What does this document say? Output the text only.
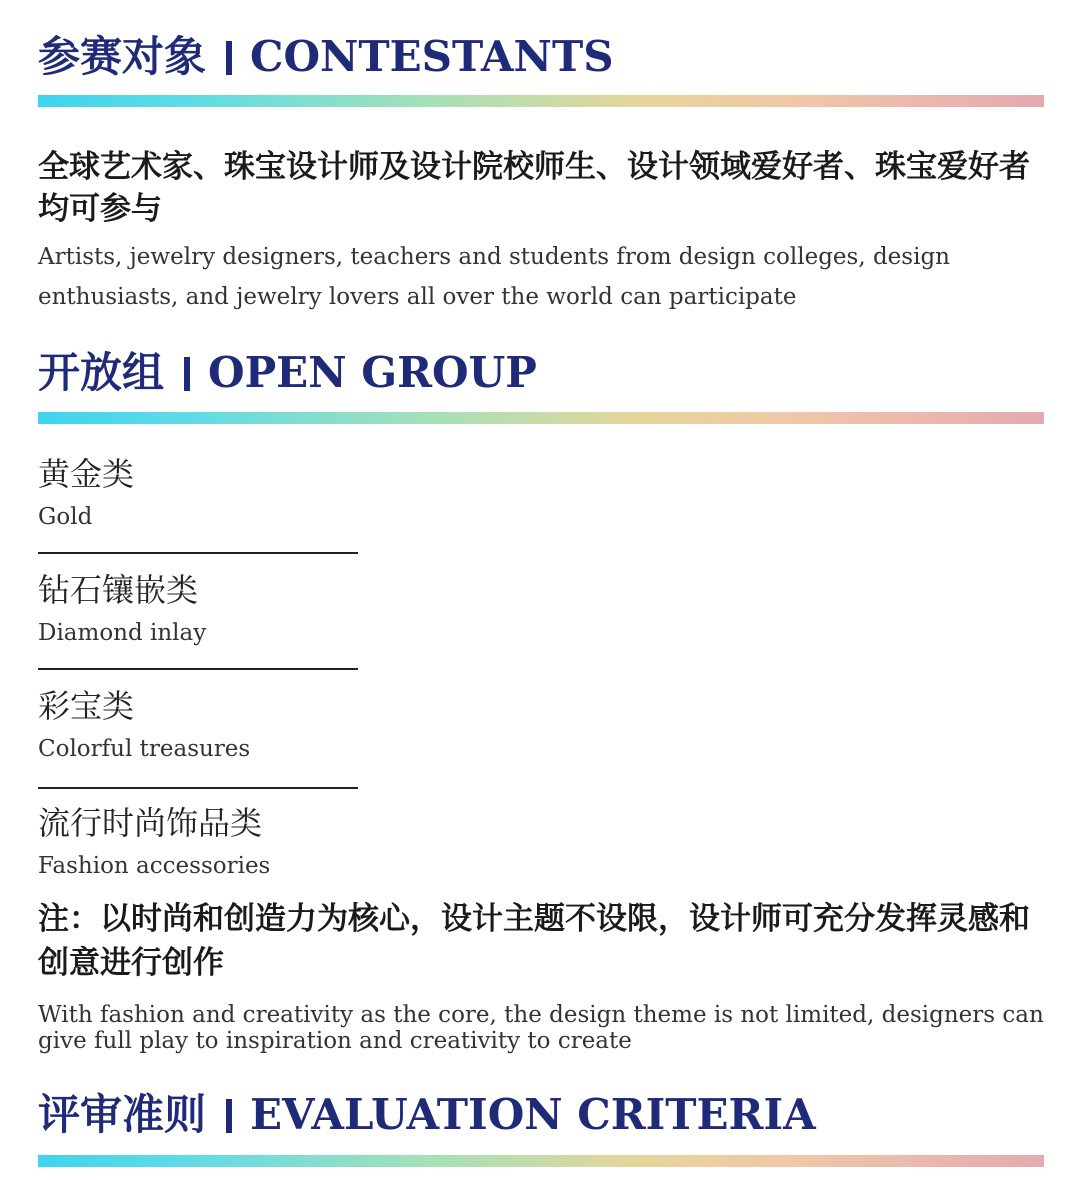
参赛对象 CONTESTANTS
全球艺术家、珠宝设计师及设计院校师生、设计领域爱好者、珠宝爱好者均可参与
Artists, jewelry designers, teachers and students from design colleges, design enthusiasts, and jewelry lovers all over the world can participate
开放组 OPEN GROUP
黄金类
Gold
钻石镶嵌类
Diamond inlay
彩宝类
Colorful treasures
流行时尚饰品类
Fashion accessories
注：以时尚和创造力为核心，设计主题不设限，设计师可充分发挥灵感和创意进行创作
With fashion and creativity as the core, the design theme is not limited, designers can give full play to inspiration and creativity to create
评审准则 EVALUATION CRITERIA
